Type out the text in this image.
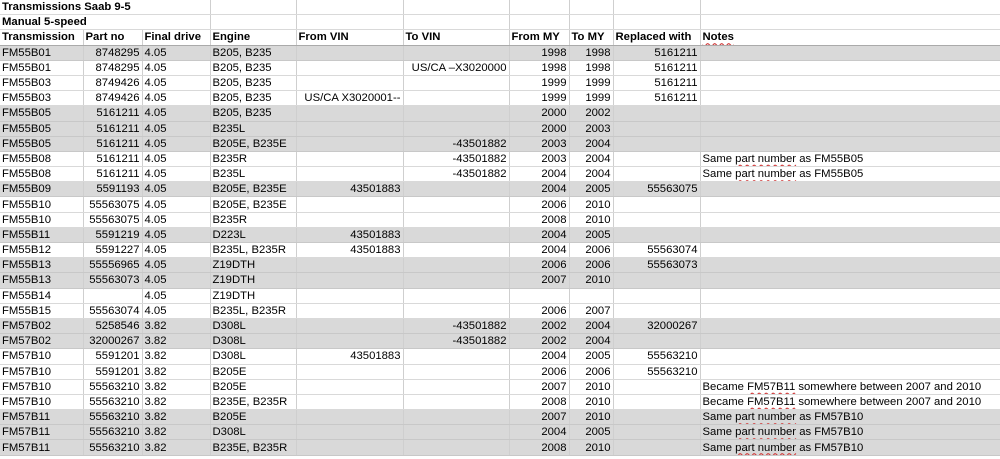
Transmissions Saab 9-5									
Manual 5-speed									
Transmission	Part no	Final drive	Engine	From VIN	To VIN	From MY	To MY	Replaced with	Notes
FM55B01	8748295	4.05	B205, B235			1998	1998	5161211	
FM55B01	8748295	4.05	B205, B235		US/CA –X3020000	1998	1998	5161211	
FM55B03	8749426	4.05	B205, B235			1999	1999	5161211	
FM55B03	8749426	4.05	B205, B235	US/CA X3020001--		1999	1999	5161211	
FM55B05	5161211	4.05	B205, B235			2000	2002		
FM55B05	5161211	4.05	B235L			2000	2003		
FM55B05	5161211	4.05	B205E, B235E		-43501882	2003	2004		
FM55B08	5161211	4.05	B235R		-43501882	2003	2004		Same part number as FM55B05
FM55B08	5161211	4.05	B235L		-43501882	2004	2004		Same part number as FM55B05
FM55B09	5591193	4.05	B205E, B235E	43501883		2004	2005	55563075	
FM55B10	55563075	4.05	B205E, B235E			2006	2010		
FM55B10	55563075	4.05	B235R			2008	2010		
FM55B11	5591219	4.05	D223L	43501883		2004	2005		
FM55B12	5591227	4.05	B235L, B235R	43501883		2004	2006	55563074	
FM55B13	55556965	4.05	Z19DTH			2006	2006	55563073	
FM55B13	55563073	4.05	Z19DTH			2007	2010		
FM55B14		4.05	Z19DTH						
FM55B15	55563074	4.05	B235L, B235R			2006	2007		
FM57B02	5258546	3.82	D308L		-43501882	2002	2004	32000267	
FM57B02	32000267	3.82	D308L		-43501882	2002	2004		
FM57B10	5591201	3.82	D308L	43501883		2004	2005	55563210	
FM57B10	5591201	3.82	B205E			2006	2006	55563210	
FM57B10	55563210	3.82	B205E			2007	2010		Became FM57B11 somewhere between 2007 and 2010
FM57B10	55563210	3.82	B235E, B235R			2008	2010		Became FM57B11 somewhere between 2007 and 2010
FM57B11	55563210	3.82	B205E			2007	2010		Same part number as FM57B10
FM57B11	55563210	3.82	D308L			2004	2005		Same part number as FM57B10
FM57B11	55563210	3.82	B235E, B235R			2008	2010		Same part number as FM57B10
